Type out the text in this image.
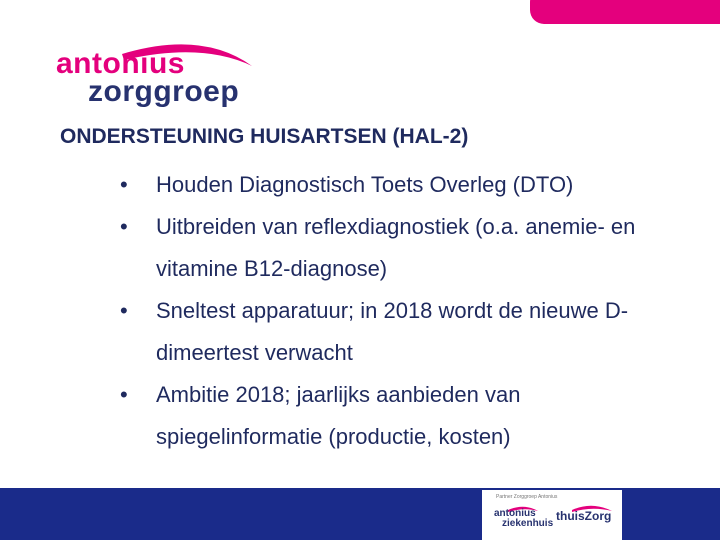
antonius
zorggroep
ONDERSTEUNING HUISARTSEN (HAL-2)
• Houden Diagnostisch Toets Overleg (DTO)
• Uitbreiden van reflexdiagnostiek (o.a. anemie- en vitamine B12-diagnose)
• Sneltest apparatuur; in 2018 wordt de nieuwe D-dimeertest verwacht
• Ambitie 2018; jaarlijks aanbieden van spiegelinformatie (productie, kosten)
Partner Zorggroep Antonius
antonius
ziekenhuis
thuisZorg
